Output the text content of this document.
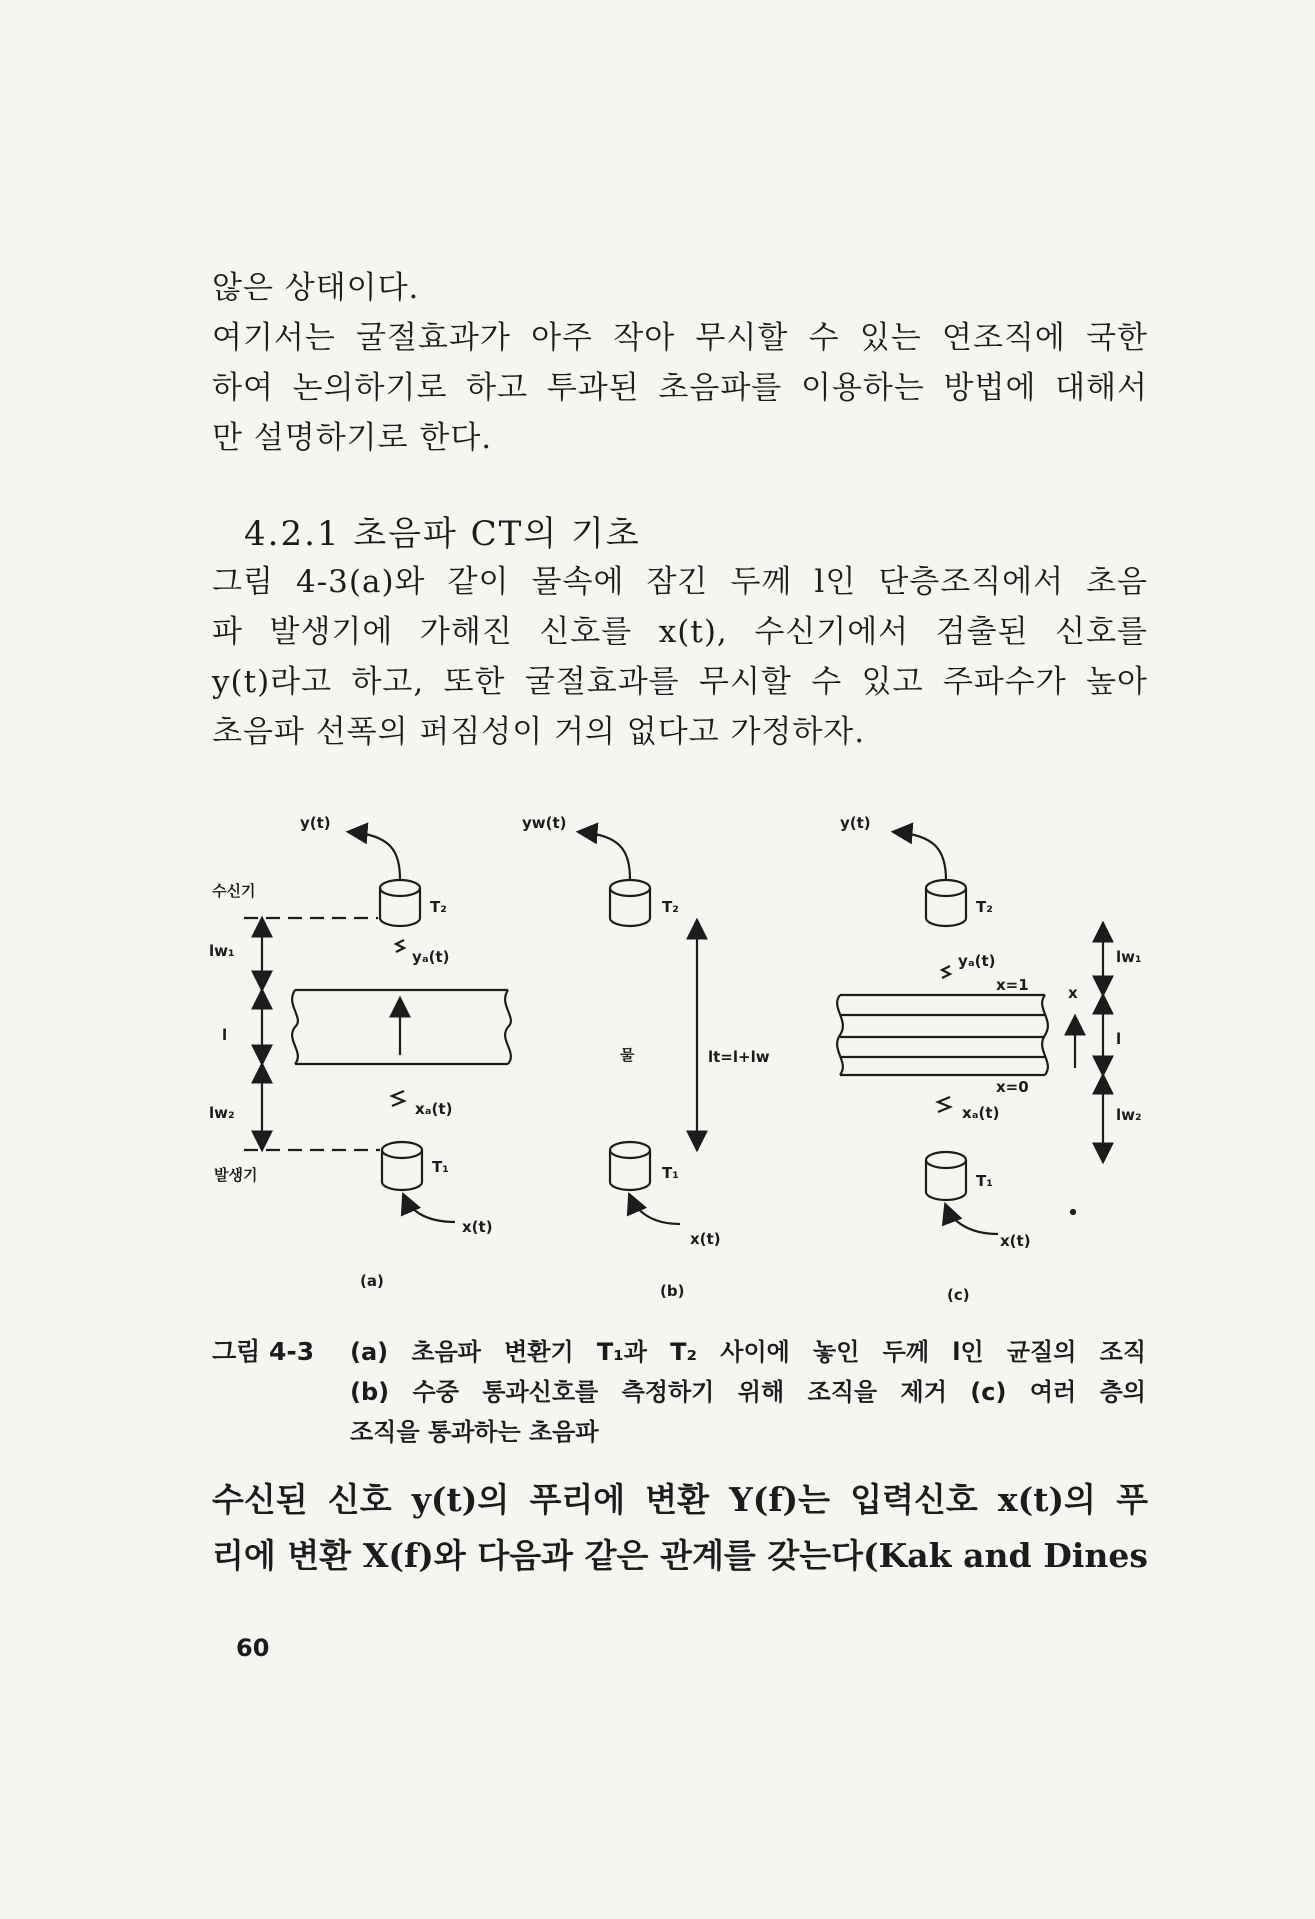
않은 상태이다.
여기서는 굴절효과가 아주 작아 무시할 수 있는 연조직에 국한
하여 논의하기로 하고 투과된 초음파를 이용하는 방법에 대해서
만 설명하기로 한다.
4.2.1 초음파 CT의 기초
그림 4-3(a)와 같이 물속에 잠긴 두께 l인 단층조직에서 초음
파 발생기에 가해진 신호를 x(t), 수신기에서 검출된 신호를
y(t)라고 하고, 또한 굴절효과를 무시할 수 있고 주파수가 높아
초음파 선폭의 퍼짐성이 거의 없다고 가정하자.
y(t)
수신기
T₂
lw₁	yₐ(t)
l
xₐ(t)
lw₂
T₁
발생기
x(t)
(a)
yw(t)
T₂
물	lt=l+lw
T₁
x(t)
(b)
y(t)
T₂
yₐ(t)
x=1	x
lw₁
l
x=0
xₐ(t)	lw₂
T₁
x(t)
(c)
그림 4-3 (a) 초음파 변환기 T₁과 T₂ 사이에 놓인 두께 l인 균질의 조직
(b) 수중 통과신호를 측정하기 위해 조직을 제거 (c) 여러 층의
조직을 통과하는 초음파
수신된 신호 y(t)의 푸리에 변환 Y(f)는 입력신호 x(t)의 푸
리에 변환 X(f)와 다음과 같은 관계를 갖는다(Kak and Dines
60
